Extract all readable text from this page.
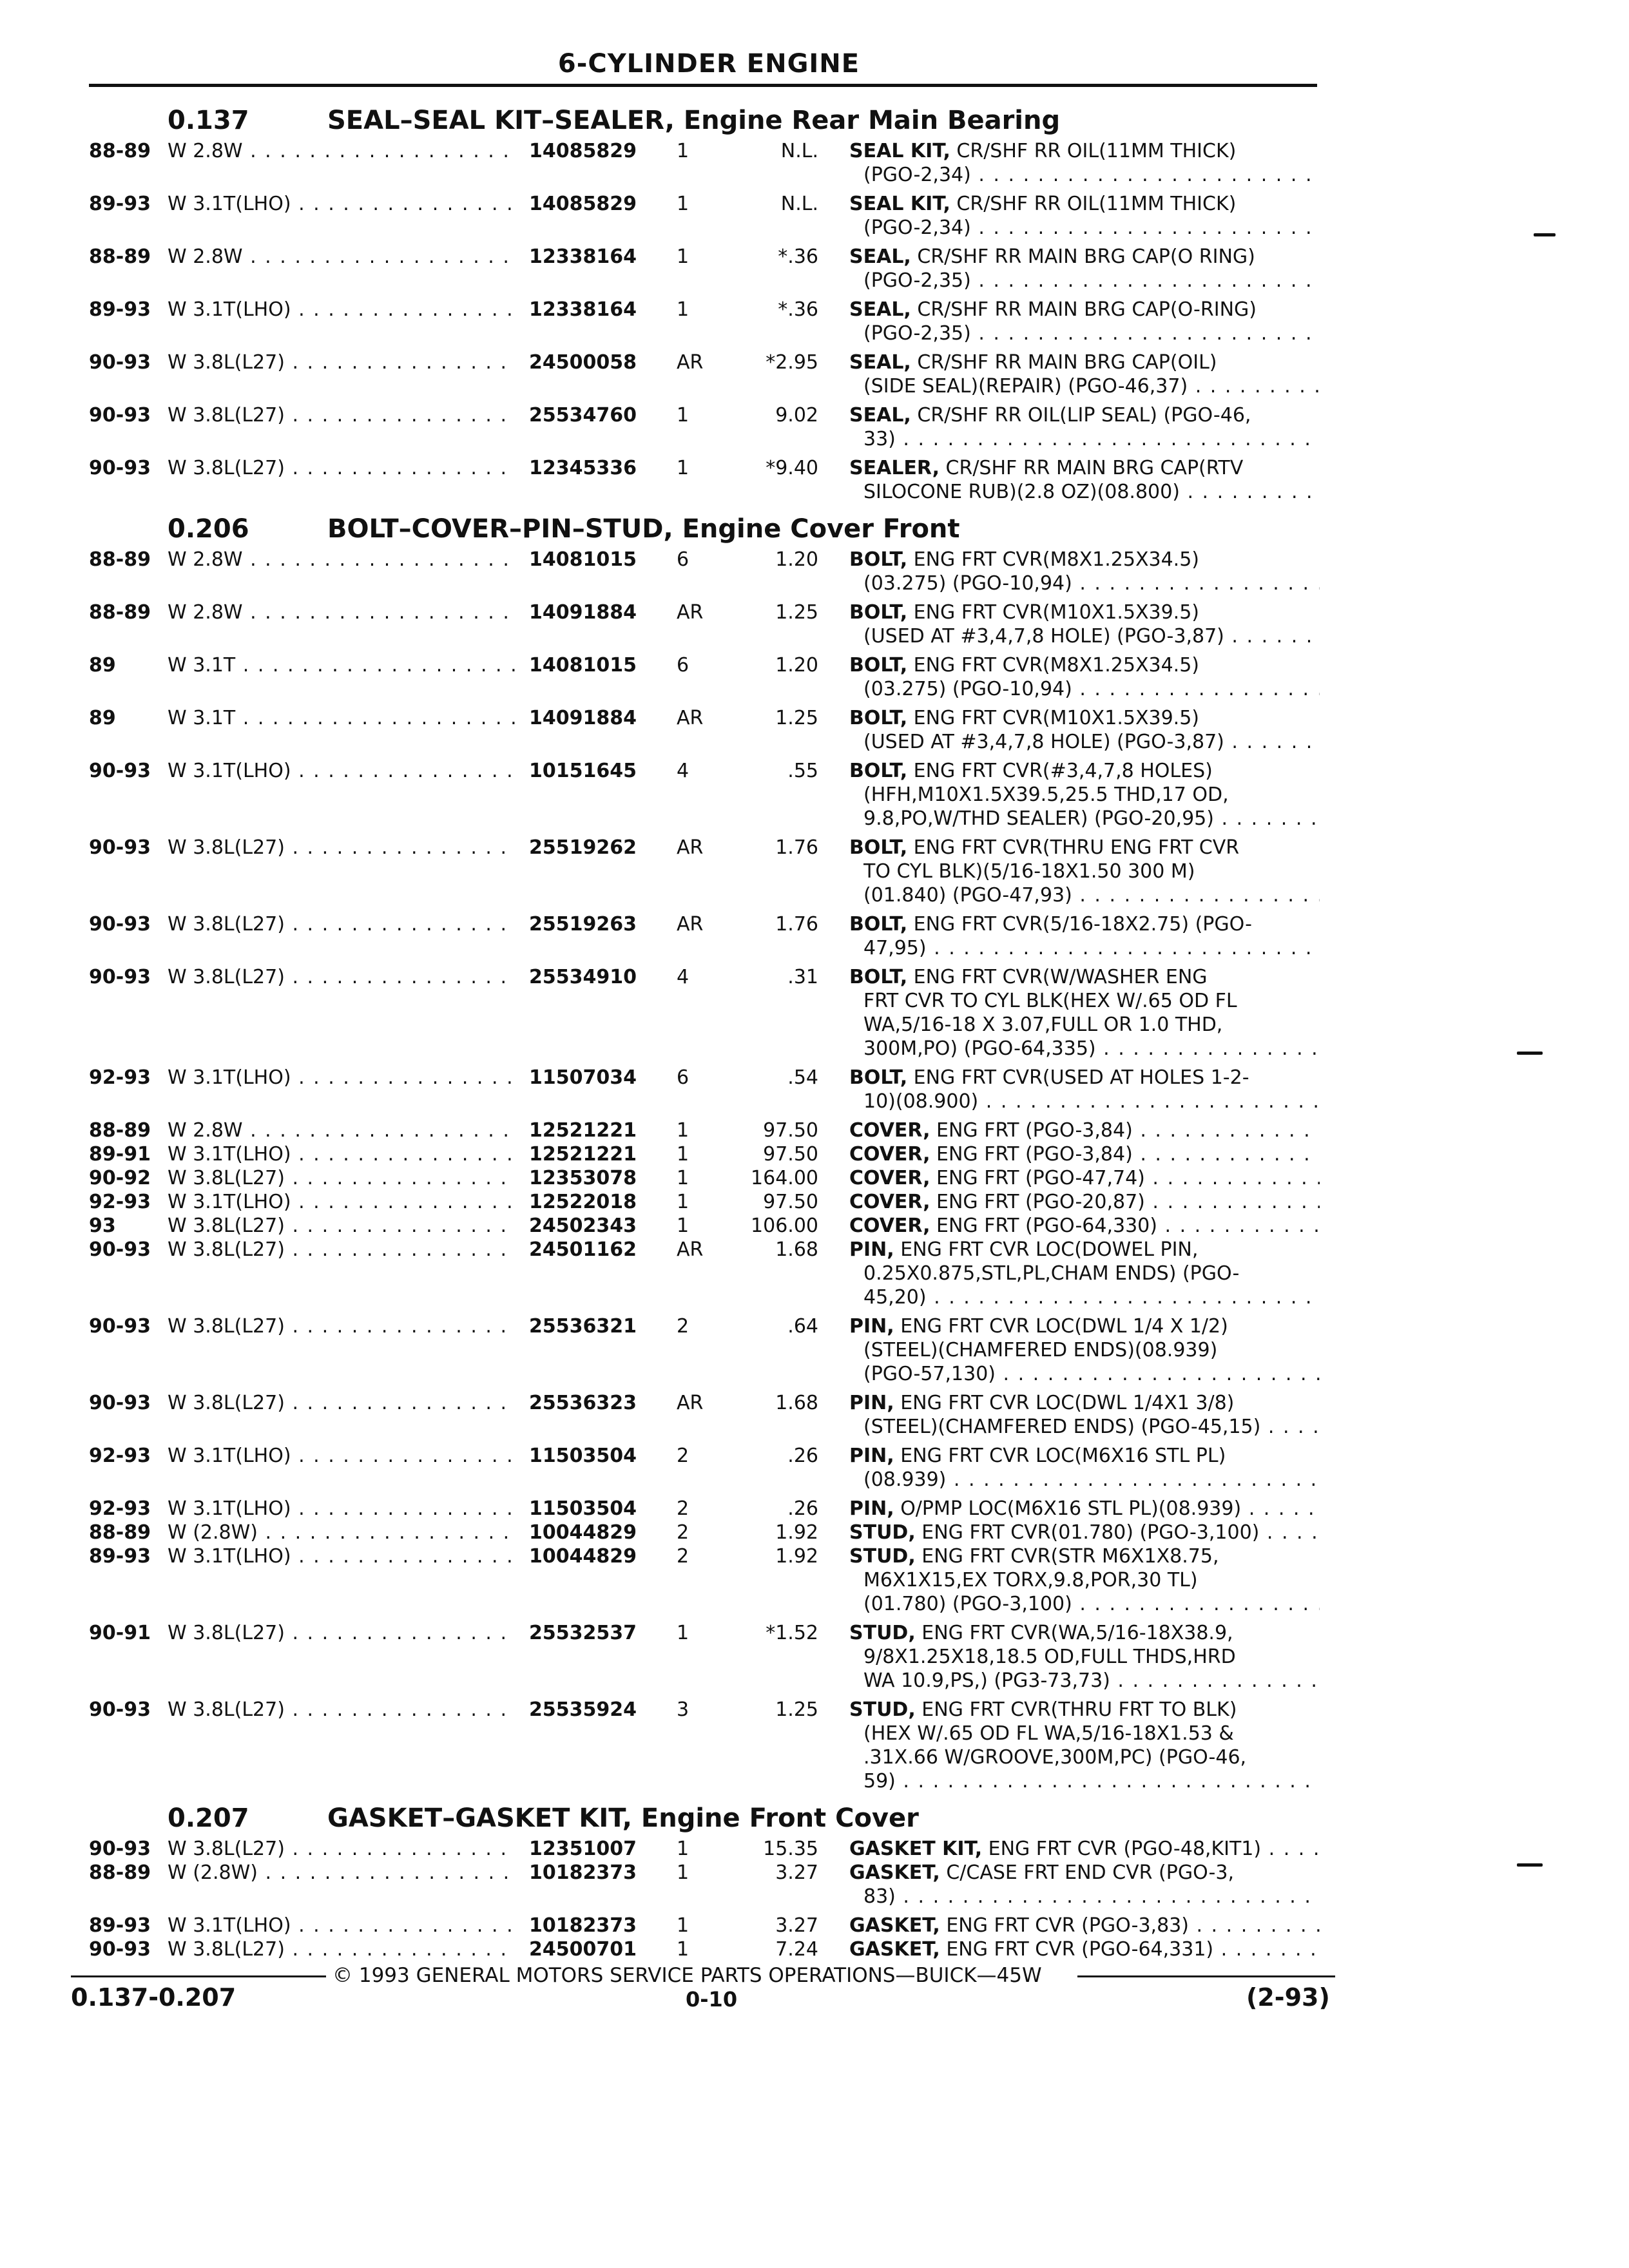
6-CYLINDER ENGINE
0.137	SEAL–SEAL KIT–SEALER, Engine Rear Main Bearing
88-89 W 2.8W . . .	14085829 1	N.L. SEAL KIT, CR/SHF RR OIL(11MM THICK)
(PGO-2,34) . . .
89-93 W 3.1T(LHO) . . .	14085829 1	N.L. SEAL KIT, CR/SHF RR OIL(11MM THICK)
(PGO-2,34) . . .
88-89 W 2.8W . . .	12338164 1	*.36 SEAL, CR/SHF RR MAIN BRG CAP(O RING)
(PGO-2,35) . . .
89-93 W 3.1T(LHO) . . .	12338164 1	*.36 SEAL, CR/SHF RR MAIN BRG CAP(O-RING)
(PGO-2,35) . . .
90-93 W 3.8L(L27) . . .	24500058 AR	*2.95 SEAL, CR/SHF RR MAIN BRG CAP(OIL)
(SIDE SEAL)(REPAIR) (PGO-46,37) . . .
90-93 W 3.8L(L27) . . .	25534760 1	9.02 SEAL, CR/SHF RR OIL(LIP SEAL) (PGO-46,
33) . . .
90-93 W 3.8L(L27) . . .	12345336 1	*9.40 SEALER, CR/SHF RR MAIN BRG CAP(RTV
SILOCONE RUB)(2.8 OZ)(08.800) . . .
0.206	BOLT–COVER–PIN–STUD, Engine Cover Front
88-89 W 2.8W . . .	14081015 6	1.20 BOLT, ENG FRT CVR(M8X1.25X34.5)
(03.275) (PGO-10,94) . . .
88-89 W 2.8W . . .	14091884 AR	1.25 BOLT, ENG FRT CVR(M10X1.5X39.5)
(USED AT #3,4,7,8 HOLE) (PGO-3,87) . . .
89	W 3.1T . . .	14081015 6	1.20 BOLT, ENG FRT CVR(M8X1.25X34.5)
(03.275) (PGO-10,94) . . .
89	W 3.1T . . .	14091884 AR	1.25 BOLT, ENG FRT CVR(M10X1.5X39.5)
(USED AT #3,4,7,8 HOLE) (PGO-3,87) . . .
90-93 W 3.1T(LHO) . . .	10151645 4	.55 BOLT, ENG FRT CVR(#3,4,7,8 HOLES)
(HFH,M10X1.5X39.5,25.5 THD,17 OD,
9.8,PO,W/THD SEALER) (PGO-20,95) . . .
90-93 W 3.8L(L27) . . .	25519262 AR	1.76 BOLT, ENG FRT CVR(THRU ENG FRT CVR
TO CYL BLK)(5/16-18X1.50 300 M)
(01.840) (PGO-47,93) . . .
90-93 W 3.8L(L27) . . .	25519263 AR	1.76 BOLT, ENG FRT CVR(5/16-18X2.75) (PGO-
47,95) . . .
90-93 W 3.8L(L27) . . .	25534910 4	.31 BOLT, ENG FRT CVR(W/WASHER ENG
FRT CVR TO CYL BLK(HEX W/.65 OD FL
WA,5/16-18 X 3.07,FULL OR 1.0 THD,
300M,PO) (PGO-64,335) . . .
92-93 W 3.1T(LHO) . . .	11507034 6	.54 BOLT, ENG FRT CVR(USED AT HOLES 1-2-
10)(08.900) . . .
88-89 W 2.8W . . .	12521221 1	97.50 COVER, ENG FRT (PGO-3,84) . . .
89-91 W 3.1T(LHO) . . .	12521221 1	97.50 COVER, ENG FRT (PGO-3,84) . . .
90-92 W 3.8L(L27) . . .	12353078 1	164.00 COVER, ENG FRT (PGO-47,74) . . .
92-93 W 3.1T(LHO) . . .	12522018 1	97.50 COVER, ENG FRT (PGO-20,87) . . .
93	W 3.8L(L27) . . .	24502343 1	106.00 COVER, ENG FRT (PGO-64,330) . . .
90-93 W 3.8L(L27) . . .	24501162 AR	1.68 PIN, ENG FRT CVR LOC(DOWEL PIN,
0.25X0.875,STL,PL,CHAM ENDS) (PGO-
45,20) . . .
90-93 W 3.8L(L27) . . .	25536321 2	.64 PIN, ENG FRT CVR LOC(DWL 1/4 X 1/2)
(STEEL)(CHAMFERED ENDS)(08.939)
(PGO-57,130) . . .
90-93 W 3.8L(L27) . . .	25536323 AR	1.68 PIN, ENG FRT CVR LOC(DWL 1/4X1 3/8)
(STEEL)(CHAMFERED ENDS) (PGO-45,15) . . .
92-93 W 3.1T(LHO) . . .	11503504 2	.26 PIN, ENG FRT CVR LOC(M6X16 STL PL)
(08.939) . . .
92-93 W 3.1T(LHO) . . .	11503504 2	.26 PIN, O/PMP LOC(M6X16 STL PL)(08.939) . . .
88-89 W (2.8W) . . .	10044829 2	1.92 STUD, ENG FRT CVR(01.780) (PGO-3,100) . . .
89-93 W 3.1T(LHO) . . .	10044829 2	1.92 STUD, ENG FRT CVR(STR M6X1X8.75,
M6X1X15,EX TORX,9.8,POR,30 TL)
(01.780) (PGO-3,100) . . .
90-91 W 3.8L(L27) . . .	25532537 1	*1.52 STUD, ENG FRT CVR(WA,5/16-18X38.9,
9/8X1.25X18,18.5 OD,FULL THDS,HRD
WA 10.9,PS,) (PG3-73,73) . . .
90-93 W 3.8L(L27) . . .	25535924 3	1.25 STUD, ENG FRT CVR(THRU FRT TO BLK)
(HEX W/.65 OD FL WA,5/16-18X1.53 &
.31X.66 W/GROOVE,300M,PC) (PGO-46,
59) . . .
0.207	GASKET–GASKET KIT, Engine Front Cover
90-93 W 3.8L(L27) . . .	12351007 1	15.35 GASKET KIT, ENG FRT CVR (PGO-48,KIT1) . . .
88-89 W (2.8W) . . .	10182373 1	3.27 GASKET, C/CASE FRT END CVR (PGO-3,
83) . . .
89-93 W 3.1T(LHO) . . .	10182373 1	3.27 GASKET, ENG FRT CVR (PGO-3,83) . . .
90-93 W 3.8L(L27) . . .	24500701 1	7.24 GASKET, ENG FRT CVR (PGO-64,331) . . .
© 1993 GENERAL MOTORS SERVICE PARTS OPERATIONS—BUICK—45W
0.137-0.207	0-10	(2-93)
